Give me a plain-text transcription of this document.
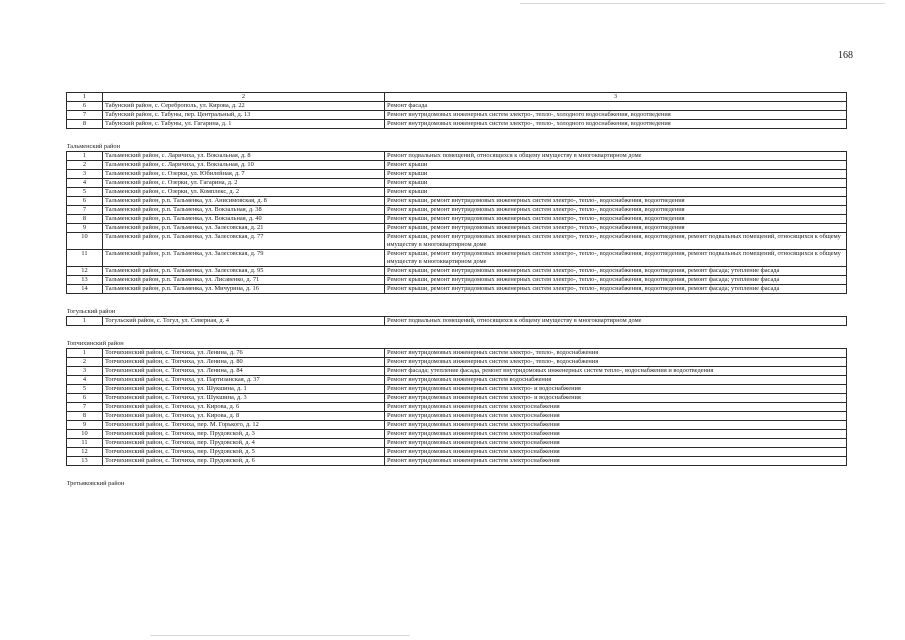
168
1	2	3
6	Табунский район, с. Сереброполь, ул. Кирова, д. 22	Ремонт фасада
7	Табунский район, с. Табуны, пер. Центральный, д. 13	Ремонт внутридомовых инженерных систем электро-, тепло-, холодного водоснабжения, водоотведения
8	Табунский район, с. Табуны, ул. Гагарина, д. 1	Ремонт внутридомовых инженерных систем электро-, тепло-, холодного водоснабжения, водоотведения
Тальменский район		
1	Тальменский район, с. Ларичиха, ул. Вокзальная, д. 8	Ремонт подвальных помещений, относящихся к общему имуществу в многоквартирном доме
2	Тальменский район, с. Ларичиха, ул. Вокзальная, д. 10	Ремонт крыши
3	Тальменский район, с. Озерки, ул. Юбилейная, д. 7	Ремонт крыши
4	Тальменский район, с. Озерки, ул. Гагарина, д. 2	Ремонт крыши
5	Тальменский район, с. Озерки, ул. Комплекс, д. 2	Ремонт крыши
6	Тальменский район, р.п. Тальменка, ул. Анисимовская, д. 8	Ремонт крыши, ремонт внутридомовых инженерных систем электро-, тепло-, водоснабжения, водоотведения
7	Тальменский район, р.п. Тальменка, ул. Вокзальная, д. 38	Ремонт крыши, ремонт внутридомовых инженерных систем электро-, тепло-, водоснабжения, водоотведения
8	Тальменский район, р.п. Тальменка, ул. Вокзальная, д. 40	Ремонт крыши, ремонт внутридомовых инженерных систем электро-, тепло-, водоснабжения, водоотведения
9	Тальменский район, р.п. Тальменка, ул. Залесовская, д. 21	Ремонт крыши, ремонт внутридомовых инженерных систем электро-, тепло-, водоснабжения, водоотведения
10	Тальменский район, р.п. Тальменка, ул. Залесовская, д. 77	Ремонт крыши, ремонт внутридомовых инженерных систем электро-, тепло-, водоснабжения, водоотведения, ремонт подвальных помещений, относящихся к общему имуществу в многоквартирном доме
11	Тальменский район, р.п. Тальменка, ул. Залесовская, д. 79	Ремонт крыши, ремонт внутридомовых инженерных систем электро-, тепло-, водоснабжения, водоотведения, ремонт подвальных помещений, относящихся к общему имуществу в многоквартирном доме
12	Тальменский район, р.п. Тальменка, ул. Залесовская, д. 95	Ремонт крыши, ремонт внутридомовых инженерных систем электро-, тепло-, водоснабжения, водоотведения, ремонт фасада; утепление фасада
13	Тальменский район, р.п. Тальменка, ул. Лисавенко, д. 71	Ремонт крыши, ремонт внутридомовых инженерных систем электро-, тепло-, водоснабжения, водоотведения, ремонт фасада; утепление фасада
14	Тальменский район, р.п. Тальменка, ул. Мичурина, д. 16	Ремонт крыши, ремонт внутридомовых инженерных систем электро-, тепло-, водоснабжения, водоотведения, ремонт фасада; утепление фасада
Тогульский район		
1	Тогульский район, с. Тогул, ул. Северная, д. 4	Ремонт подвальных помещений, относящихся к общему имуществу в многоквартирном доме
Топчихинский район		
1	Топчихинский район, с. Топчиха, ул. Ленина, д. 76	Ремонт внутридомовых инженерных систем электро-, тепло-, водоснабжения
2	Топчихинский район, с. Топчиха, ул. Ленина, д. 80	Ремонт внутридомовых инженерных систем электро-, тепло-, водоснабжения
3	Топчихинский район, с. Топчиха, ул. Ленина, д. 84	Ремонт фасада; утепление фасада, ремонт внутридомовых инженерных систем тепло-, водоснабжения и водоотведения
4	Топчихинский район, с. Топчиха, ул. Партизанская, д. 37	Ремонт внутридомовых инженерных систем водоснабжения
5	Топчихинский район, с. Топчиха, ул. Шукшина, д. 1	Ремонт внутридомовых инженерных систем электро- и водоснабжения
6	Топчихинский район, с. Топчиха, ул. Шукшина, д. 3	Ремонт внутридомовых инженерных систем электро- и водоснабжения
7	Топчихинский район, с. Топчиха, ул. Кирова, д. 6	Ремонт внутридомовых инженерных систем электроснабжения
8	Топчихинский район, с. Топчиха, ул. Кирова, д. 8	Ремонт внутридомовых инженерных систем электроснабжения
9	Топчихинский район, с. Топчиха, пер. М. Горького, д. 12	Ремонт внутридомовых инженерных систем электроснабжения
10	Топчихинский район, с. Топчиха, пер. Прудовской, д. 3	Ремонт внутридомовых инженерных систем электроснабжения
11	Топчихинский район, с. Топчиха, пер. Прудовской, д. 4	Ремонт внутридомовых инженерных систем электроснабжения
12	Топчихинский район, с. Топчиха, пер. Прудовской, д. 5	Ремонт внутридомовых инженерных систем электроснабжения
13	Топчихинский район, с. Топчиха, пер. Прудовской, д. 6	Ремонт внутридомовых инженерных систем электроснабжения
Третьяковский район		
